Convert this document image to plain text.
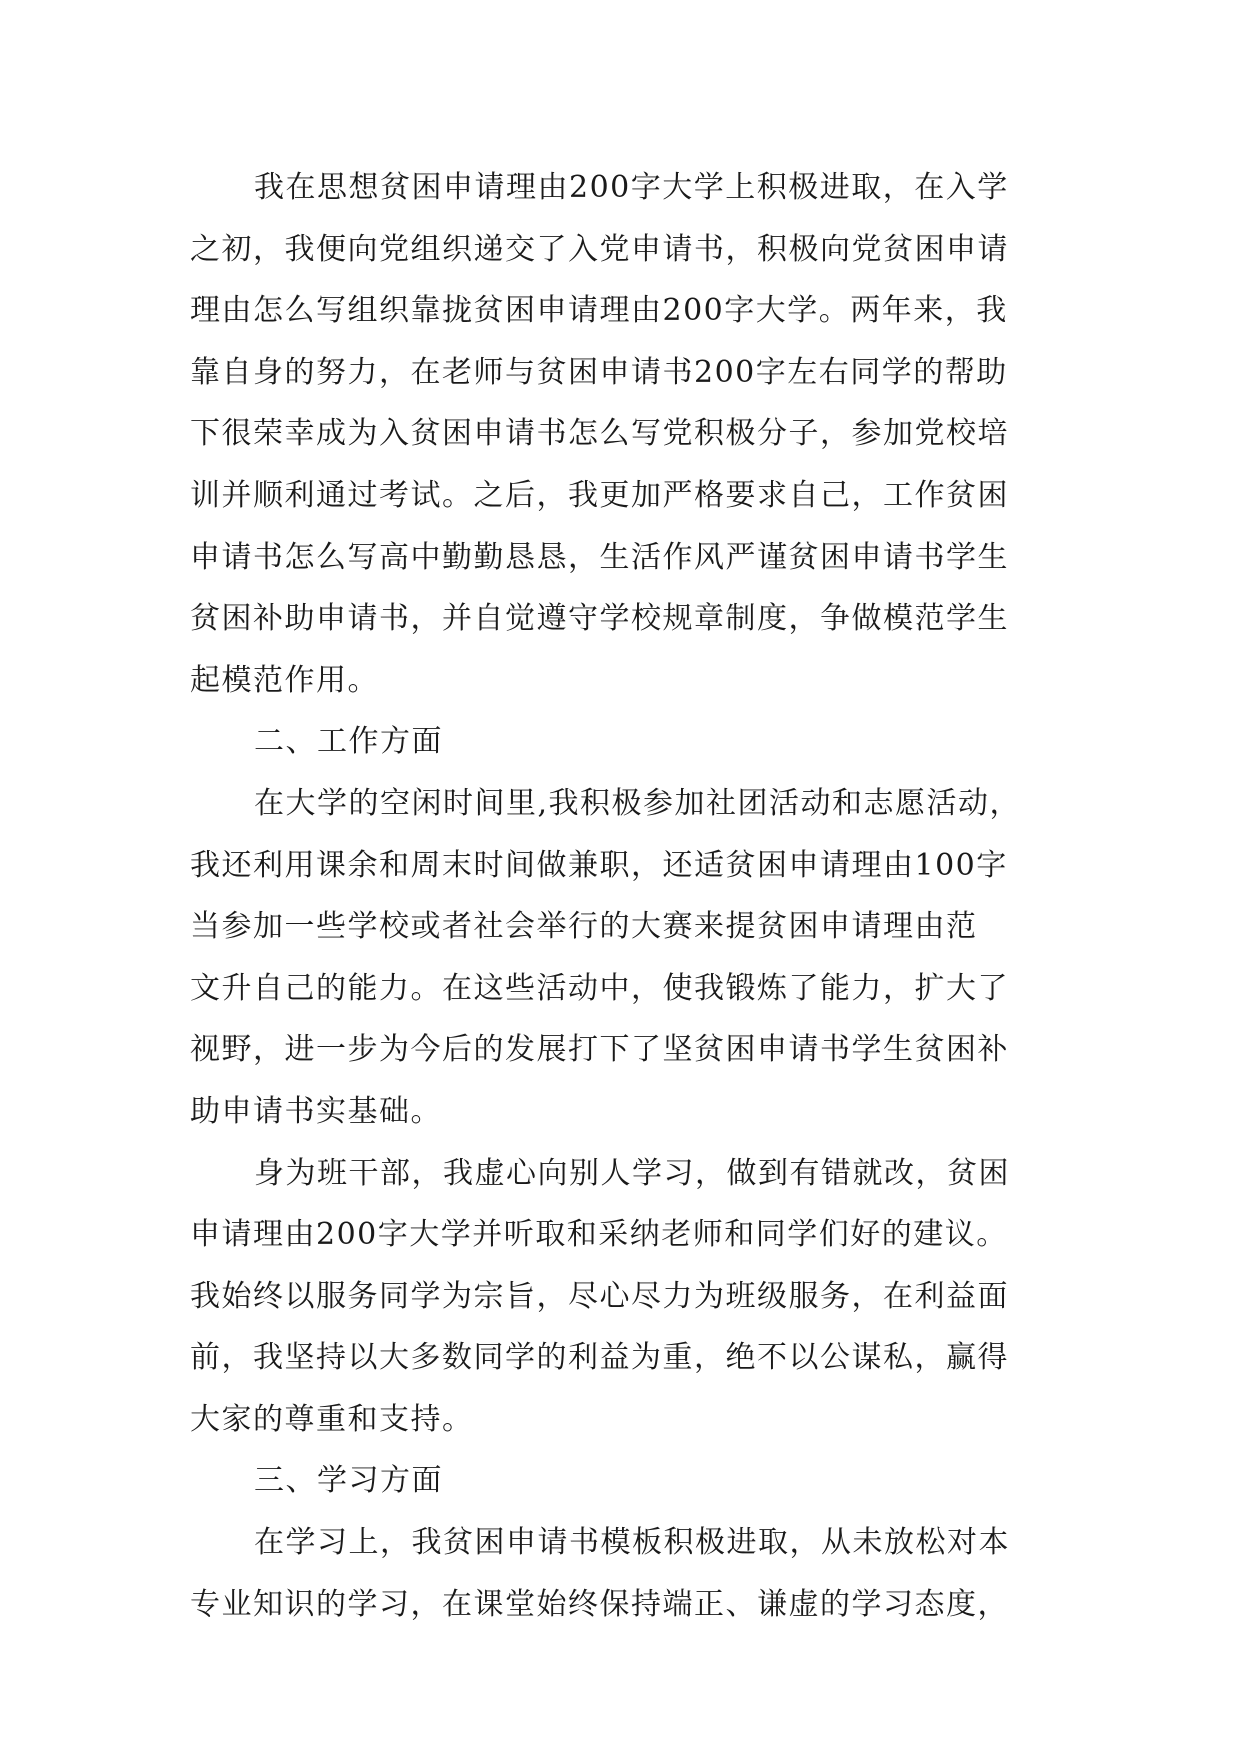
我在思想贫困申请理由200字大学上积极进取，在入学
之初，我便向党组织递交了入党申请书，积极向党贫困申请
理由怎么写组织靠拢贫困申请理由200字大学。两年来，我
靠自身的努力，在老师与贫困申请书200字左右同学的帮助
下很荣幸成为入贫困申请书怎么写党积极分子，参加党校培
训并顺利通过考试。之后，我更加严格要求自己，工作贫困
申请书怎么写高中勤勤恳恳，生活作风严谨贫困申请书学生
贫困补助申请书，并自觉遵守学校规章制度，争做模范学生
起模范作用。
二、工作方面
在大学的空闲时间里,我积极参加社团活动和志愿活动，
我还利用课余和周末时间做兼职，还适贫困申请理由100字
当参加一些学校或者社会举行的大赛来提贫困申请理由范
文升自己的能力。在这些活动中，使我锻炼了能力，扩大了
视野，进一步为今后的发展打下了坚贫困申请书学生贫困补
助申请书实基础。
身为班干部，我虚心向别人学习，做到有错就改，贫困
申请理由200字大学并听取和采纳老师和同学们好的建议。
我始终以服务同学为宗旨，尽心尽力为班级服务，在利益面
前，我坚持以大多数同学的利益为重，绝不以公谋私，赢得
大家的尊重和支持。
三、学习方面
在学习上，我贫困申请书模板积极进取，从未放松对本
专业知识的学习，在课堂始终保持端正、谦虚的学习态度，
